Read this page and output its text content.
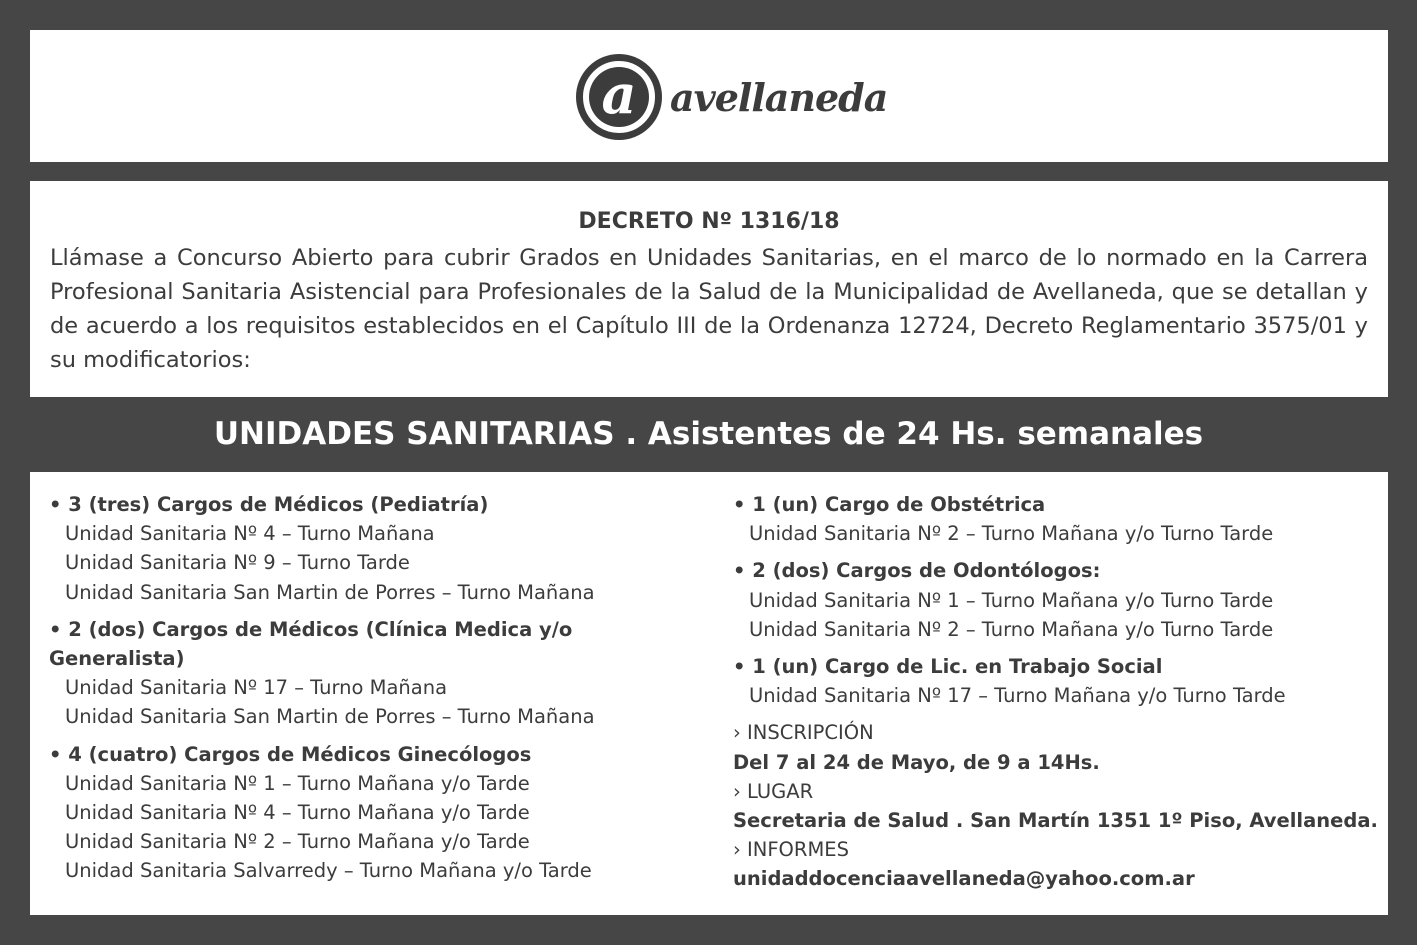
a avellaneda
DECRETO Nº 1316/18
Llámase a Concurso Abierto para cubrir Grados en Unidades Sanitarias, en el marco de lo normado en la Carrera Profesional Sanitaria Asistencial para Profesionales de la Salud de la Municipalidad de Avellaneda, que se detallan y de acuerdo a los requisitos establecidos en el Capítulo III de la Ordenanza 12724, Decreto Reglamentario 3575/01 y su modificatorios:
UNIDADES SANITARIAS . Asistentes de 24 Hs. semanales
• 3 (tres) Cargos de Médicos (Pediatría)
Unidad Sanitaria Nº 4 – Turno Mañana
Unidad Sanitaria Nº 9 – Turno Tarde
Unidad Sanitaria San Martin de Porres – Turno Mañana
• 2 (dos) Cargos de Médicos (Clínica Medica y/o Generalista)
Unidad Sanitaria Nº 17 – Turno Mañana
Unidad Sanitaria San Martin de Porres – Turno Mañana
• 4 (cuatro) Cargos de Médicos Ginecólogos
Unidad Sanitaria Nº 1 – Turno Mañana y/o Tarde
Unidad Sanitaria Nº 4 – Turno Mañana y/o Tarde
Unidad Sanitaria Nº 2 – Turno Mañana y/o Tarde
Unidad Sanitaria Salvarredy – Turno Mañana y/o Tarde
• 1 (un) Cargo de Obstétrica
Unidad Sanitaria Nº 2 – Turno Mañana y/o Turno Tarde
• 2 (dos) Cargos de Odontólogos:
Unidad Sanitaria Nº 1 – Turno Mañana y/o Turno Tarde
Unidad Sanitaria Nº 2 – Turno Mañana y/o Turno Tarde
• 1 (un) Cargo de Lic. en Trabajo Social
Unidad Sanitaria Nº 17 – Turno Mañana y/o Turno Tarde
› INSCRIPCIÓN
Del 7 al 24 de Mayo, de 9 a 14Hs.
› LUGAR
Secretaria de Salud . San Martín 1351 1º Piso, Avellaneda.
› INFORMES
unidaddocenciaavellaneda@yahoo.com.ar
